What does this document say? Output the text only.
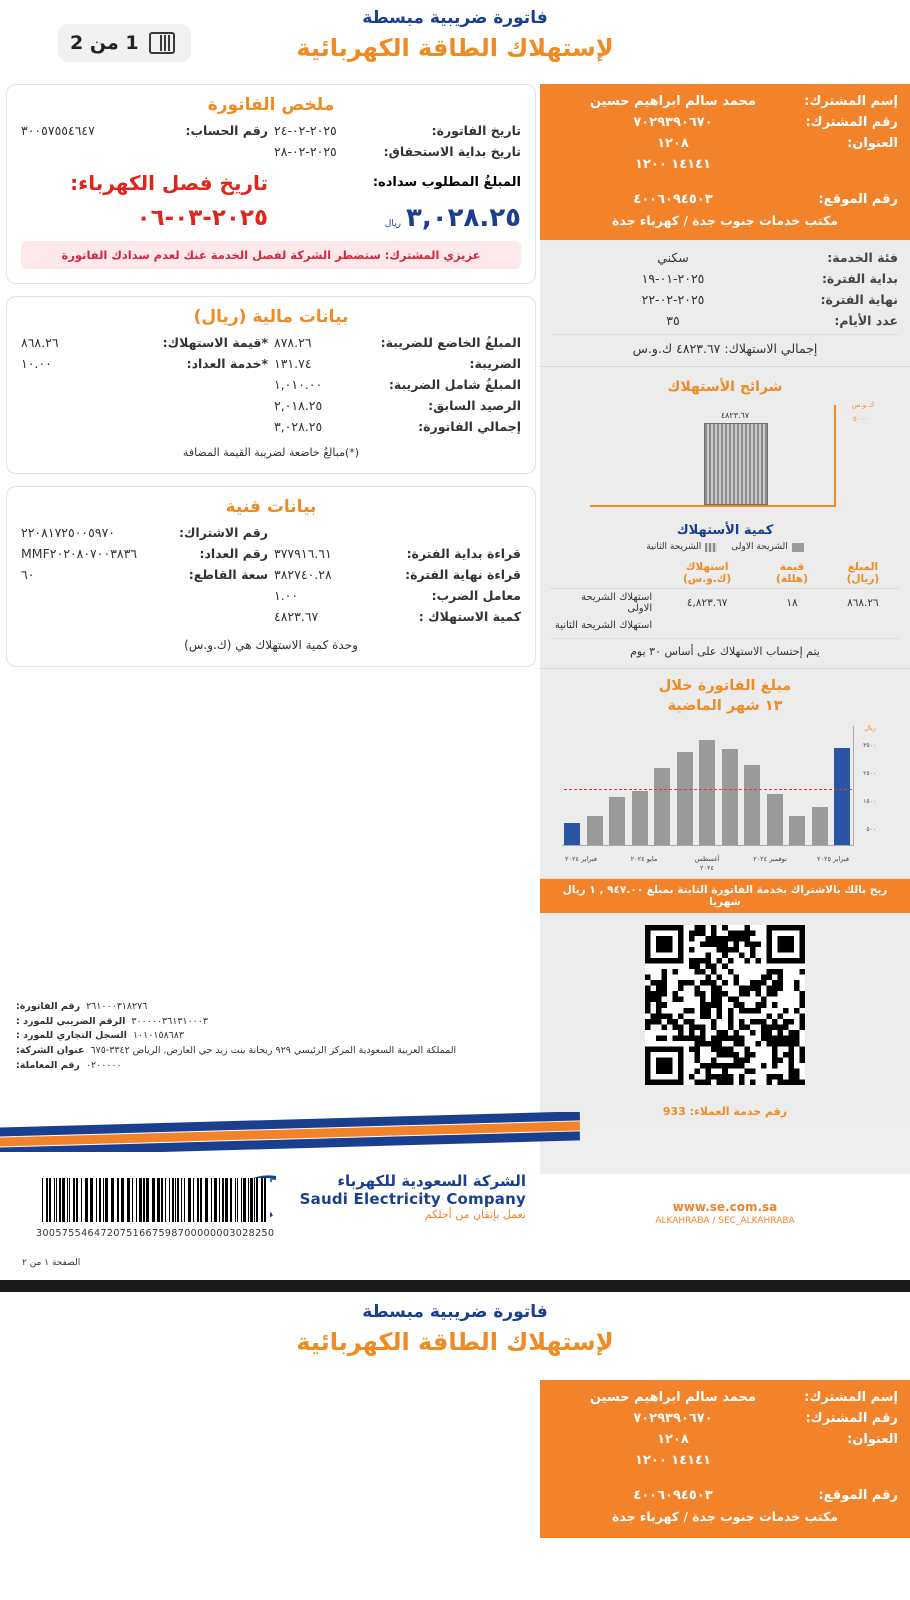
فاتورة ضريبية مبسطة
لإستهلاك الطاقة الكهربائية
1 من 2
إسم المشترك:
محمد سالم ابراهيم حسين
رقم المشترك:
٧٠٢٩٣٩٠٦٧٠
العنوان:
١٢٠٨
١٤١٤١ ١٢٠٠
رقم الموقع:
٤٠٠٦٠٩٤٥٠٣
مكتب خدمات جنوب جدة / كهرباء جدة
فئة الخدمة:
سكني
بداية الفترة:
٢٠٢٥-٠١-١٩
نهاية الفترة:
٢٠٢٥-٠٢-٢٢
عدد الأيام:
٣٥
إجمالي الاستهلاك: ٤٨٢٣.٦٧ ك.و.س
شرائح الأستهلاك
ك.و.س
٥٠٠٠
٤٨٢٣.٦٧
كمية الأستهلاك
الشريحة الاولى
الشريحة الثانية
المبلغ (ريال)	قيمة (هللة)	استهلاك (ك.و.س)	
٨٦٨.٢٦	١٨	٤,٨٢٣.٦٧	استهلاك الشريحة الاولى
			استهلاك الشريحة الثانية
يتم إحتساب الاستهلاك على أساس ٣٠ يوم
مبلغ الفاتورة خلال
١٣ شهر الماضية
ريال
٣٥٠٠
٢٥٠٠
١٥٠٠
٥٠٠
فبراير ٢٠٢٥
نوفمبر ٢٠٢٤
أغسطس ٢٠٢٤
مايو ٢٠٢٤
فبراير ٢٠٢٤
ربح بالك بالاشتراك بخدمة الفاتورة الثابتة بمبلغ ٩٤٧.٠٠ , ١ ريال شهريا
رقم خدمة العملاء: 933
ملخص الفاتورة
تاريخ الفاتورة:
٢٠٢٥-٠٢-٢٤
تاريخ بداية الاستحقاق:
٢٠٢٥-٠٢-٢٨
رقم الحساب:
٣٠٠٥٧٥٥٤٦٤٧
المبلغُ المطلوب سداده:
تاريخ فصل الكهرباء:
٣,٠٢٨.٢٥ ريال
٢٠٢٥-٠٣-٠٦
عزيزي المشترك: ستضطر الشركة لفصل الخدمة عنك لعدم سدادك الفاتورة
بيانات مالية (ريال)
المبلغُ الخاضع للضريبة:
٨٧٨.٢٦
الضريبة:
١٣١.٧٤
المبلغُ شامل الضريبة:
١,٠١٠.٠٠
الرصيد السابق:
٢,٠١٨.٢٥
إجمالي الفاتورة:
٣,٠٢٨.٢٥
*قيمة الاستهلاك:
٨٦٨.٢٦
*خدمة العداد:
١٠.٠٠
(*)مبالغُ خاضعة لضريبة القيمة المضافة
بيانات فنية
قراءة بداية الفترة:
٣٧٧٩١٦.٦١
قراءة نهاية الفترة:
٣٨٢٧٤٠.٢٨
معامل الضرب:
١.٠٠
كمية الاستهلاك :
٤٨٢٣.٦٧
رقم الاشتراك:
٢٢٠٨١٧٢٥٠٠٥٩٧٠
رقم العداد:
MMF٢٠٢٠٨٠٧٠٠٣٨٣٦
سعة القاطع:
٦٠
وحدة كمية الاستهلاك هي (ك.و.س)
٢٦١٠٠٠٣١٨٢٧٦
رقم الفاتورة:
٣٠٠٠٠٠٣٦١٣١٠٠٠٣
الرقم الضريبي للمورد :
١٠١٠١٥٨٦٨٣
السجل التجاري للمورد :
المملكة العربية السعودية المركز الرئيسي ٩٢٩ ريحانة بنت زيد حي العارض, الرياض ٣٣٤٢-٦٧٥
عنوان الشركة:
٠٢٠٠٠٠٠
رقم المعاملة:
الشركة السعودية للكهرباء
Saudi Electricity Company
نعمل بإتقان من أجلكم
3005755464720751667598700000003028250
الصفحة ١ من ٢
www.se.com.sa
ALKAHRABA / SEC_ALKAHRABA
فاتورة ضريبية مبسطة
لإستهلاك الطاقة الكهربائية
إسم المشترك:
محمد سالم ابراهيم حسين
رقم المشترك:
٧٠٢٩٣٩٠٦٧٠
العنوان:
١٢٠٨
١٤١٤١ ١٢٠٠
رقم الموقع:
٤٠٠٦٠٩٤٥٠٣
مكتب خدمات جنوب جدة / كهرباء جدة
